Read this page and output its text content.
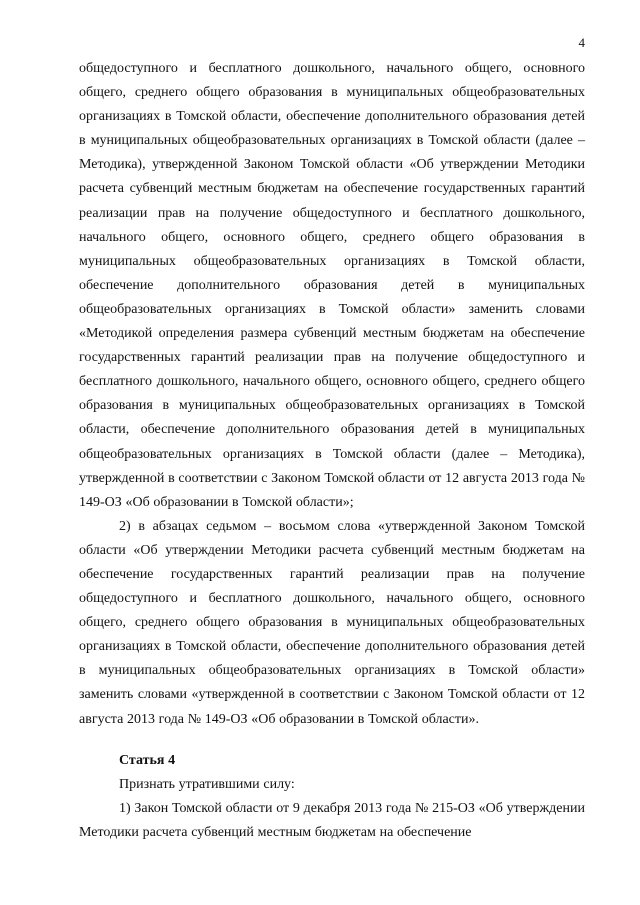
4

общедоступного и бесплатного дошкольного, начального общего, основного общего, среднего общего образования в муниципальных общеобразовательных организациях в Томской области, обеспечение дополнительного образования детей в муниципальных общеобразовательных организациях в Томской области (далее – Методика), утвержденной Законом Томской области «Об утверждении Методики расчета субвенций местным бюджетам на обеспечение государственных гарантий реализации прав на получение общедоступного и бесплатного дошкольного, начального общего, основного общего, среднего общего образования в муниципальных общеобразовательных организациях в Томской области, обеспечение дополнительного образования детей в муниципальных общеобразовательных организациях в Томской области» заменить словами «Методикой определения размера субвенций местным бюджетам на обеспечение государственных гарантий реализации прав на получение общедоступного и бесплатного дошкольного, начального общего, основного общего, среднего общего образования в муниципальных общеобразовательных организациях в Томской области, обеспечение дополнительного образования детей в муниципальных общеобразовательных организациях в Томской области (далее – Методика), утвержденной в соответствии с Законом Томской области от 12 августа 2013 года № 149-ОЗ «Об образовании в Томской области»;

2) в абзацах седьмом – восьмом слова «утвержденной Законом Томской области «Об утверждении Методики расчета субвенций местным бюджетам на обеспечение государственных гарантий реализации прав на получение общедоступного и бесплатного дошкольного, начального общего, основного общего, среднего общего образования в муниципальных общеобразовательных организациях в Томской области, обеспечение дополнительного образования детей в муниципальных общеобразовательных организациях в Томской области» заменить словами «утвержденной в соответствии с Законом Томской области от 12 августа 2013 года № 149-ОЗ «Об образовании в Томской области».

Статья 4

Признать утратившими силу:

1) Закон Томской области от 9 декабря 2013 года № 215-ОЗ «Об утверждении Методики расчета субвенций местным бюджетам на обеспечение
